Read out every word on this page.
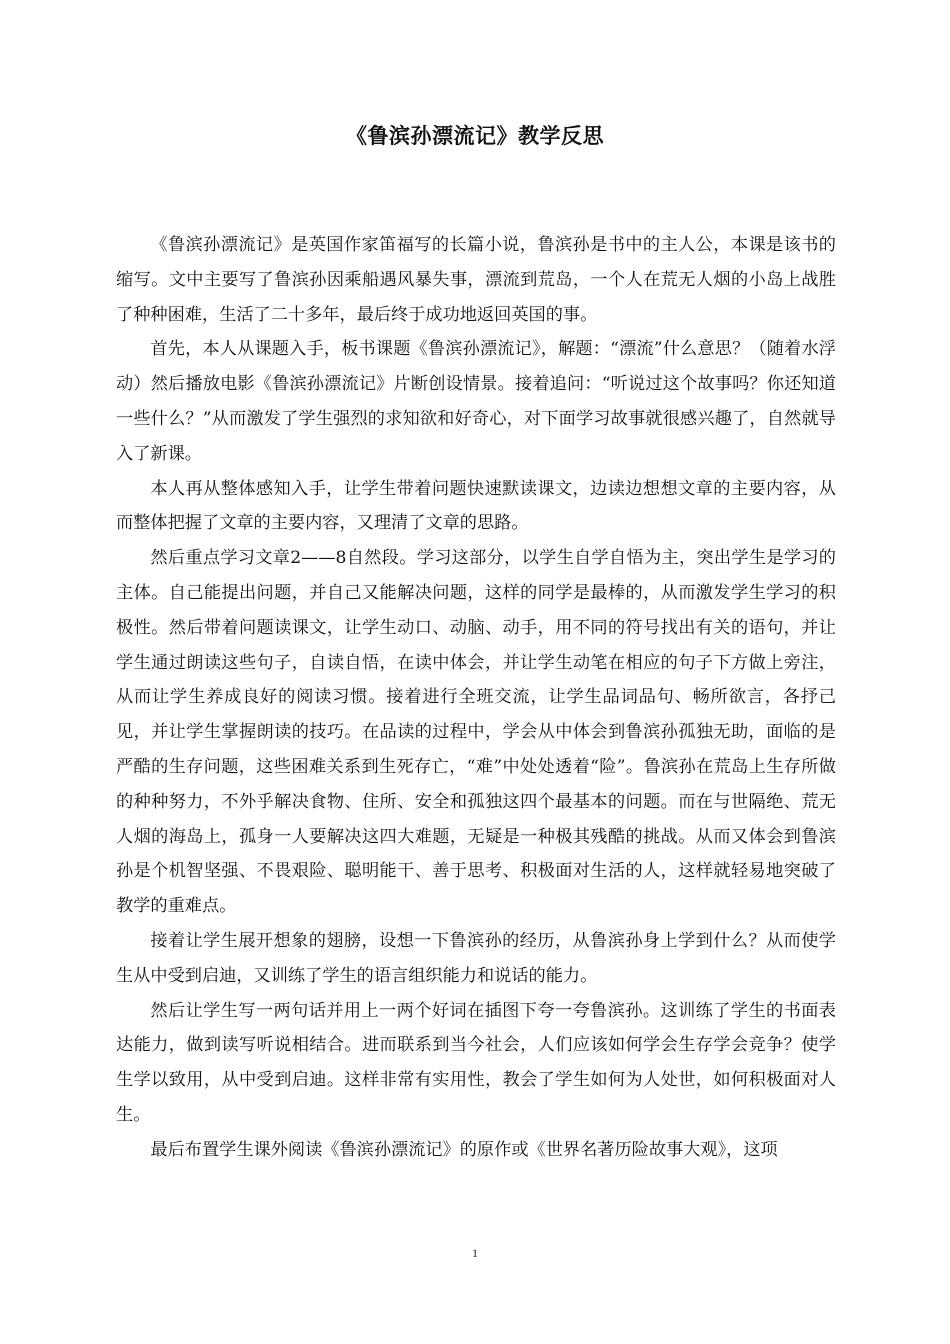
《鲁滨孙漂流记》教学反思

《鲁滨孙漂流记》是英国作家笛福写的长篇小说，鲁滨孙是书中的主人公，本课是该书的缩写。文中主要写了鲁滨孙因乘船遇风暴失事，漂流到荒岛，一个人在荒无人烟的小岛上战胜了种种困难，生活了二十多年，最后终于成功地返回英国的事。

首先，本人从课题入手，板书课题《鲁滨孙漂流记》，解题：“漂流”什么意思？（随着水浮动）然后播放电影《鲁滨孙漂流记》片断创设情景。接着追问：“听说过这个故事吗？你还知道一些什么？”从而激发了学生强烈的求知欲和好奇心，对下面学习故事就很感兴趣了，自然就导入了新课。

本人再从整体感知入手，让学生带着问题快速默读课文，边读边想想文章的主要内容，从而整体把握了文章的主要内容，又理清了文章的思路。

然后重点学习文章2——8自然段。学习这部分，以学生自学自悟为主，突出学生是学习的主体。自己能提出问题，并自己又能解决问题，这样的同学是最棒的，从而激发学生学习的积极性。然后带着问题读课文，让学生动口、动脑、动手，用不同的符号找出有关的语句，并让学生通过朗读这些句子，自读自悟，在读中体会，并让学生动笔在相应的句子下方做上旁注，从而让学生养成良好的阅读习惯。接着进行全班交流，让学生品词品句、畅所欲言，各抒己见，并让学生掌握朗读的技巧。在品读的过程中，学会从中体会到鲁滨孙孤独无助，面临的是严酷的生存问题，这些困难关系到生死存亡，“难”中处处透着“险”。鲁滨孙在荒岛上生存所做的种种努力，不外乎解决食物、住所、安全和孤独这四个最基本的问题。而在与世隔绝、荒无人烟的海岛上，孤身一人要解决这四大难题，无疑是一种极其残酷的挑战。从而又体会到鲁滨孙是个机智坚强、不畏艰险、聪明能干、善于思考、积极面对生活的人，这样就轻易地突破了教学的重难点。

接着让学生展开想象的翅膀，设想一下鲁滨孙的经历，从鲁滨孙身上学到什么？从而使学生从中受到启迪，又训练了学生的语言组织能力和说话的能力。

然后让学生写一两句话并用上一两个好词在插图下夸一夸鲁滨孙。这训练了学生的书面表达能力，做到读写听说相结合。进而联系到当今社会，人们应该如何学会生存学会竞争？使学生学以致用，从中受到启迪。这样非常有实用性，教会了学生如何为人处世，如何积极面对人生。

最后布置学生课外阅读《鲁滨孙漂流记》的原作或《世界名著历险故事大观》，这项

1
